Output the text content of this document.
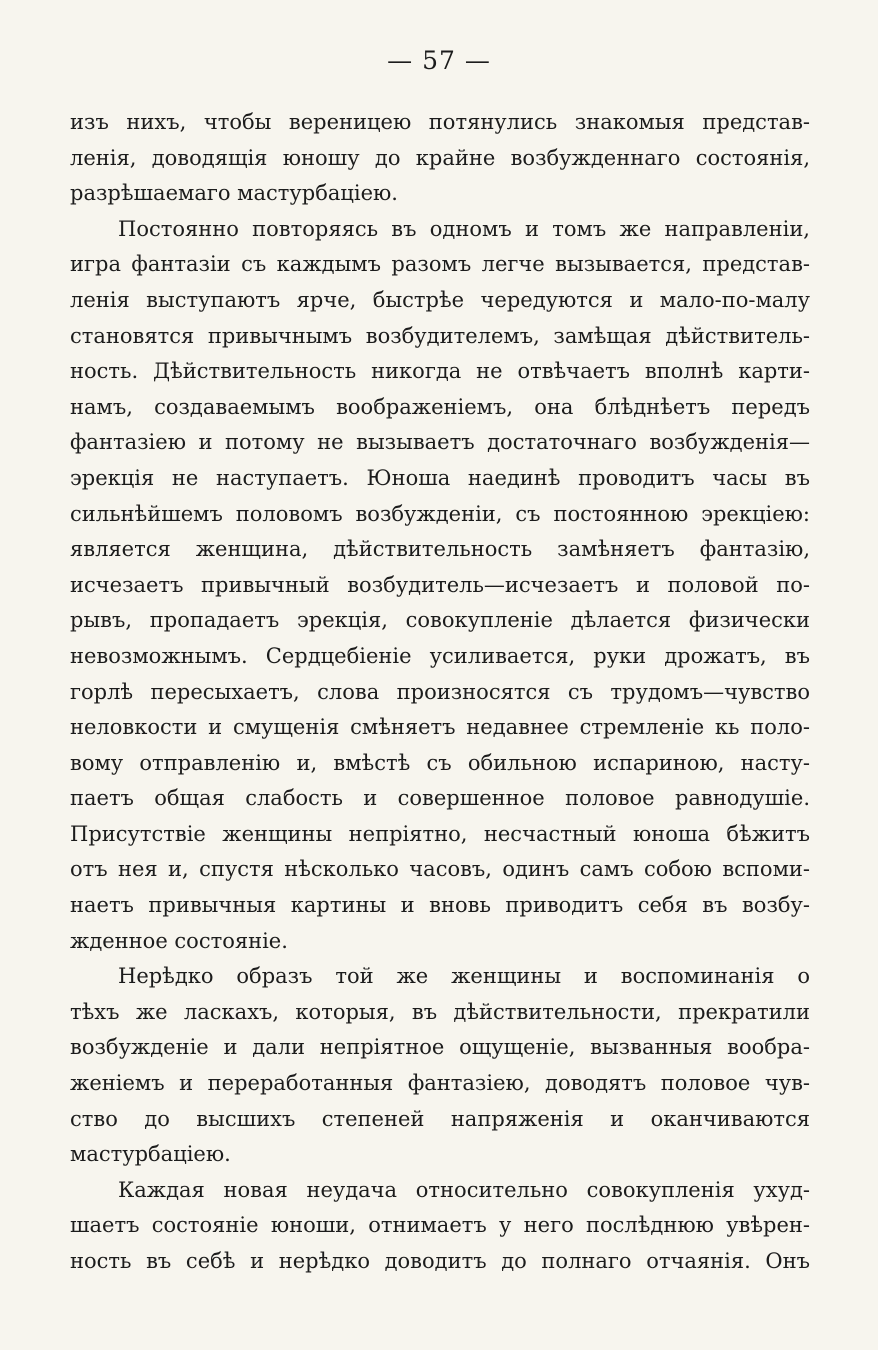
— 57 —
изъ нихъ, чтобы вереницею потянулись знакомыя представ-
ленія, доводящія юношу до крайне возбужденнаго состоянія,
разрѣшаемаго мастурбаціею.
Постоянно повторяясь въ одномъ и томъ же направленіи,
игра фантазіи съ каждымъ разомъ легче вызывается, представ-
ленія выступаютъ ярче, быстрѣе чередуются и мало-по-малу
становятся привычнымъ возбудителемъ, замѣщая дѣйствитель-
ность. Дѣйствительность никогда не отвѣчаетъ вполнѣ карти-
намъ, создаваемымъ воображеніемъ, она блѣднѣетъ передъ
фантазіею и потому не вызываетъ достаточнаго возбужденія—
эрекція не наступаетъ. Юноша наединѣ проводитъ часы въ
сильнѣйшемъ половомъ возбужденіи, съ постоянною эрекціею:
является женщина, дѣйствительность замѣняетъ фантазію,
исчезаетъ привычный возбудитель—исчезаетъ и половой по-
рывъ, пропадаетъ эрекція, совокупленіе дѣлается физически
невозможнымъ. Сердцебіеніе усиливается, руки дрожатъ, въ
горлѣ пересыхаетъ, слова произносятся съ трудомъ—чувство
неловкости и смущенія смѣняетъ недавнее стремленіе кь поло-
вому отправленію и, вмѣстѣ съ обильною испариною, насту-
паетъ общая слабость и совершенное половое равнодушіе.
Присутствіе женщины непріятно, несчастный юноша бѣжитъ
отъ нея и, спустя нѣсколько часовъ, одинъ самъ собою вспоми-
наетъ привычныя картины и вновь приводитъ себя въ возбу-
жденное состояніе.
Нерѣдко образъ той же женщины и воспоминанія о
тѣхъ же ласкахъ, которыя, въ дѣйствительности, прекратили
возбужденіе и дали непріятное ощущеніе, вызванныя вообра-
женіемъ и переработанныя фантазіею, доводятъ половое чув-
ство до высшихъ степеней напряженія и оканчиваются
мастурбаціею.
Каждая новая неудача относительно совокупленія ухуд-
шаетъ состояніе юноши, отнимаетъ у него послѣднюю увѣрен-
ность въ себѣ и нерѣдко доводитъ до полнаго отчаянія. Онъ
